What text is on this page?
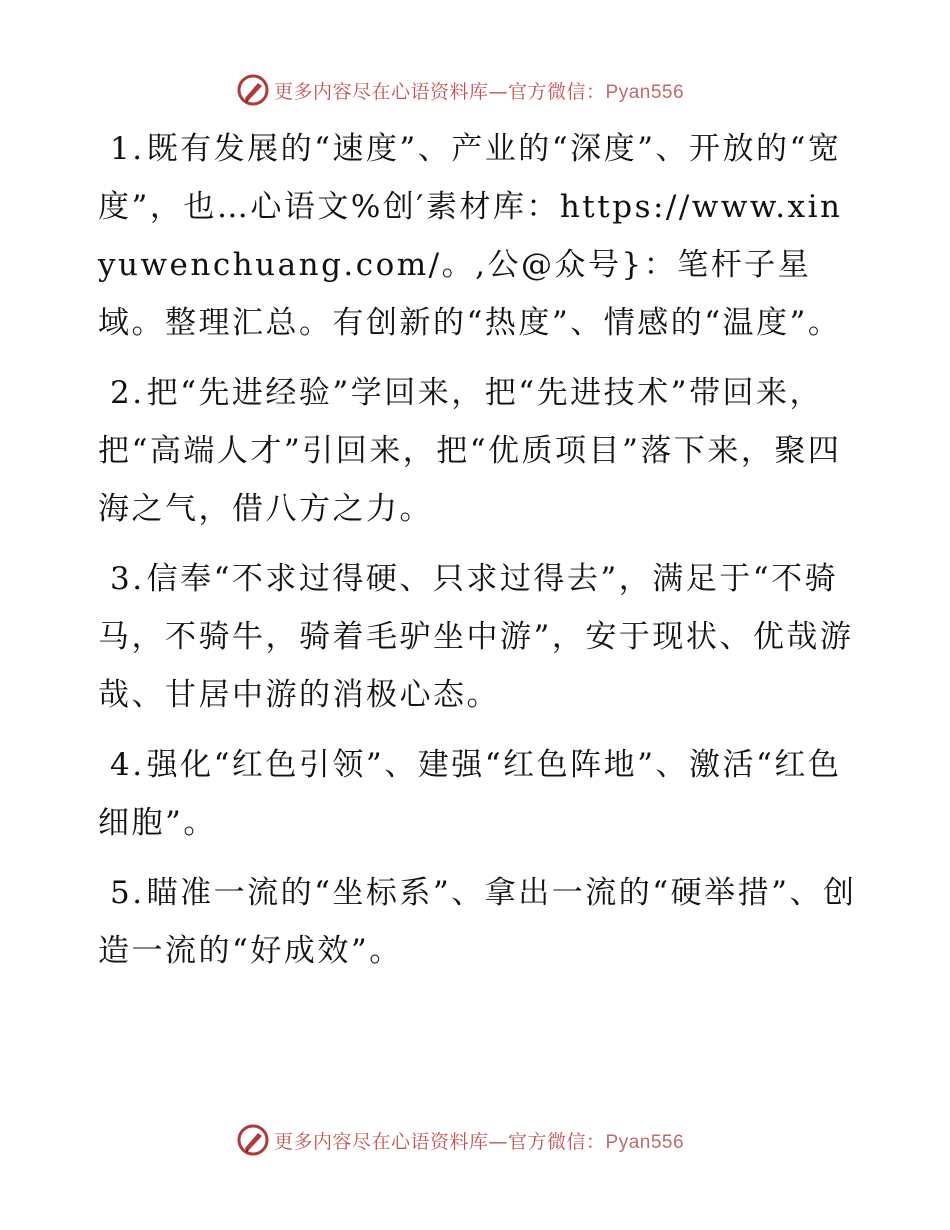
更多内容尽在心语资料库—官方微信：Pyan556

1.既有发展的“速度”、产业的“深度”、开放的“宽度”，也…心语文%创′素材库：https://www.xinyuwenchuang.com/。,公@众号}：笔杆子星域。整理汇总。有创新的“热度”、情感的“温度”。

2.把“先进经验”学回来，把“先进技术”带回来，把“高端人才”引回来，把“优质项目”落下来，聚四海之气，借八方之力。

3.信奉“不求过得硬、只求过得去”，满足于“不骑马，不骑牛，骑着毛驴坐中游”，安于现状、优哉游哉、甘居中游的消极心态。

4.强化“红色引领”、建强“红色阵地”、激活“红色细胞”。

5.瞄准一流的“坐标系”、拿出一流的“硬举措”、创造一流的“好成效”。

更多内容尽在心语资料库—官方微信：Pyan556
